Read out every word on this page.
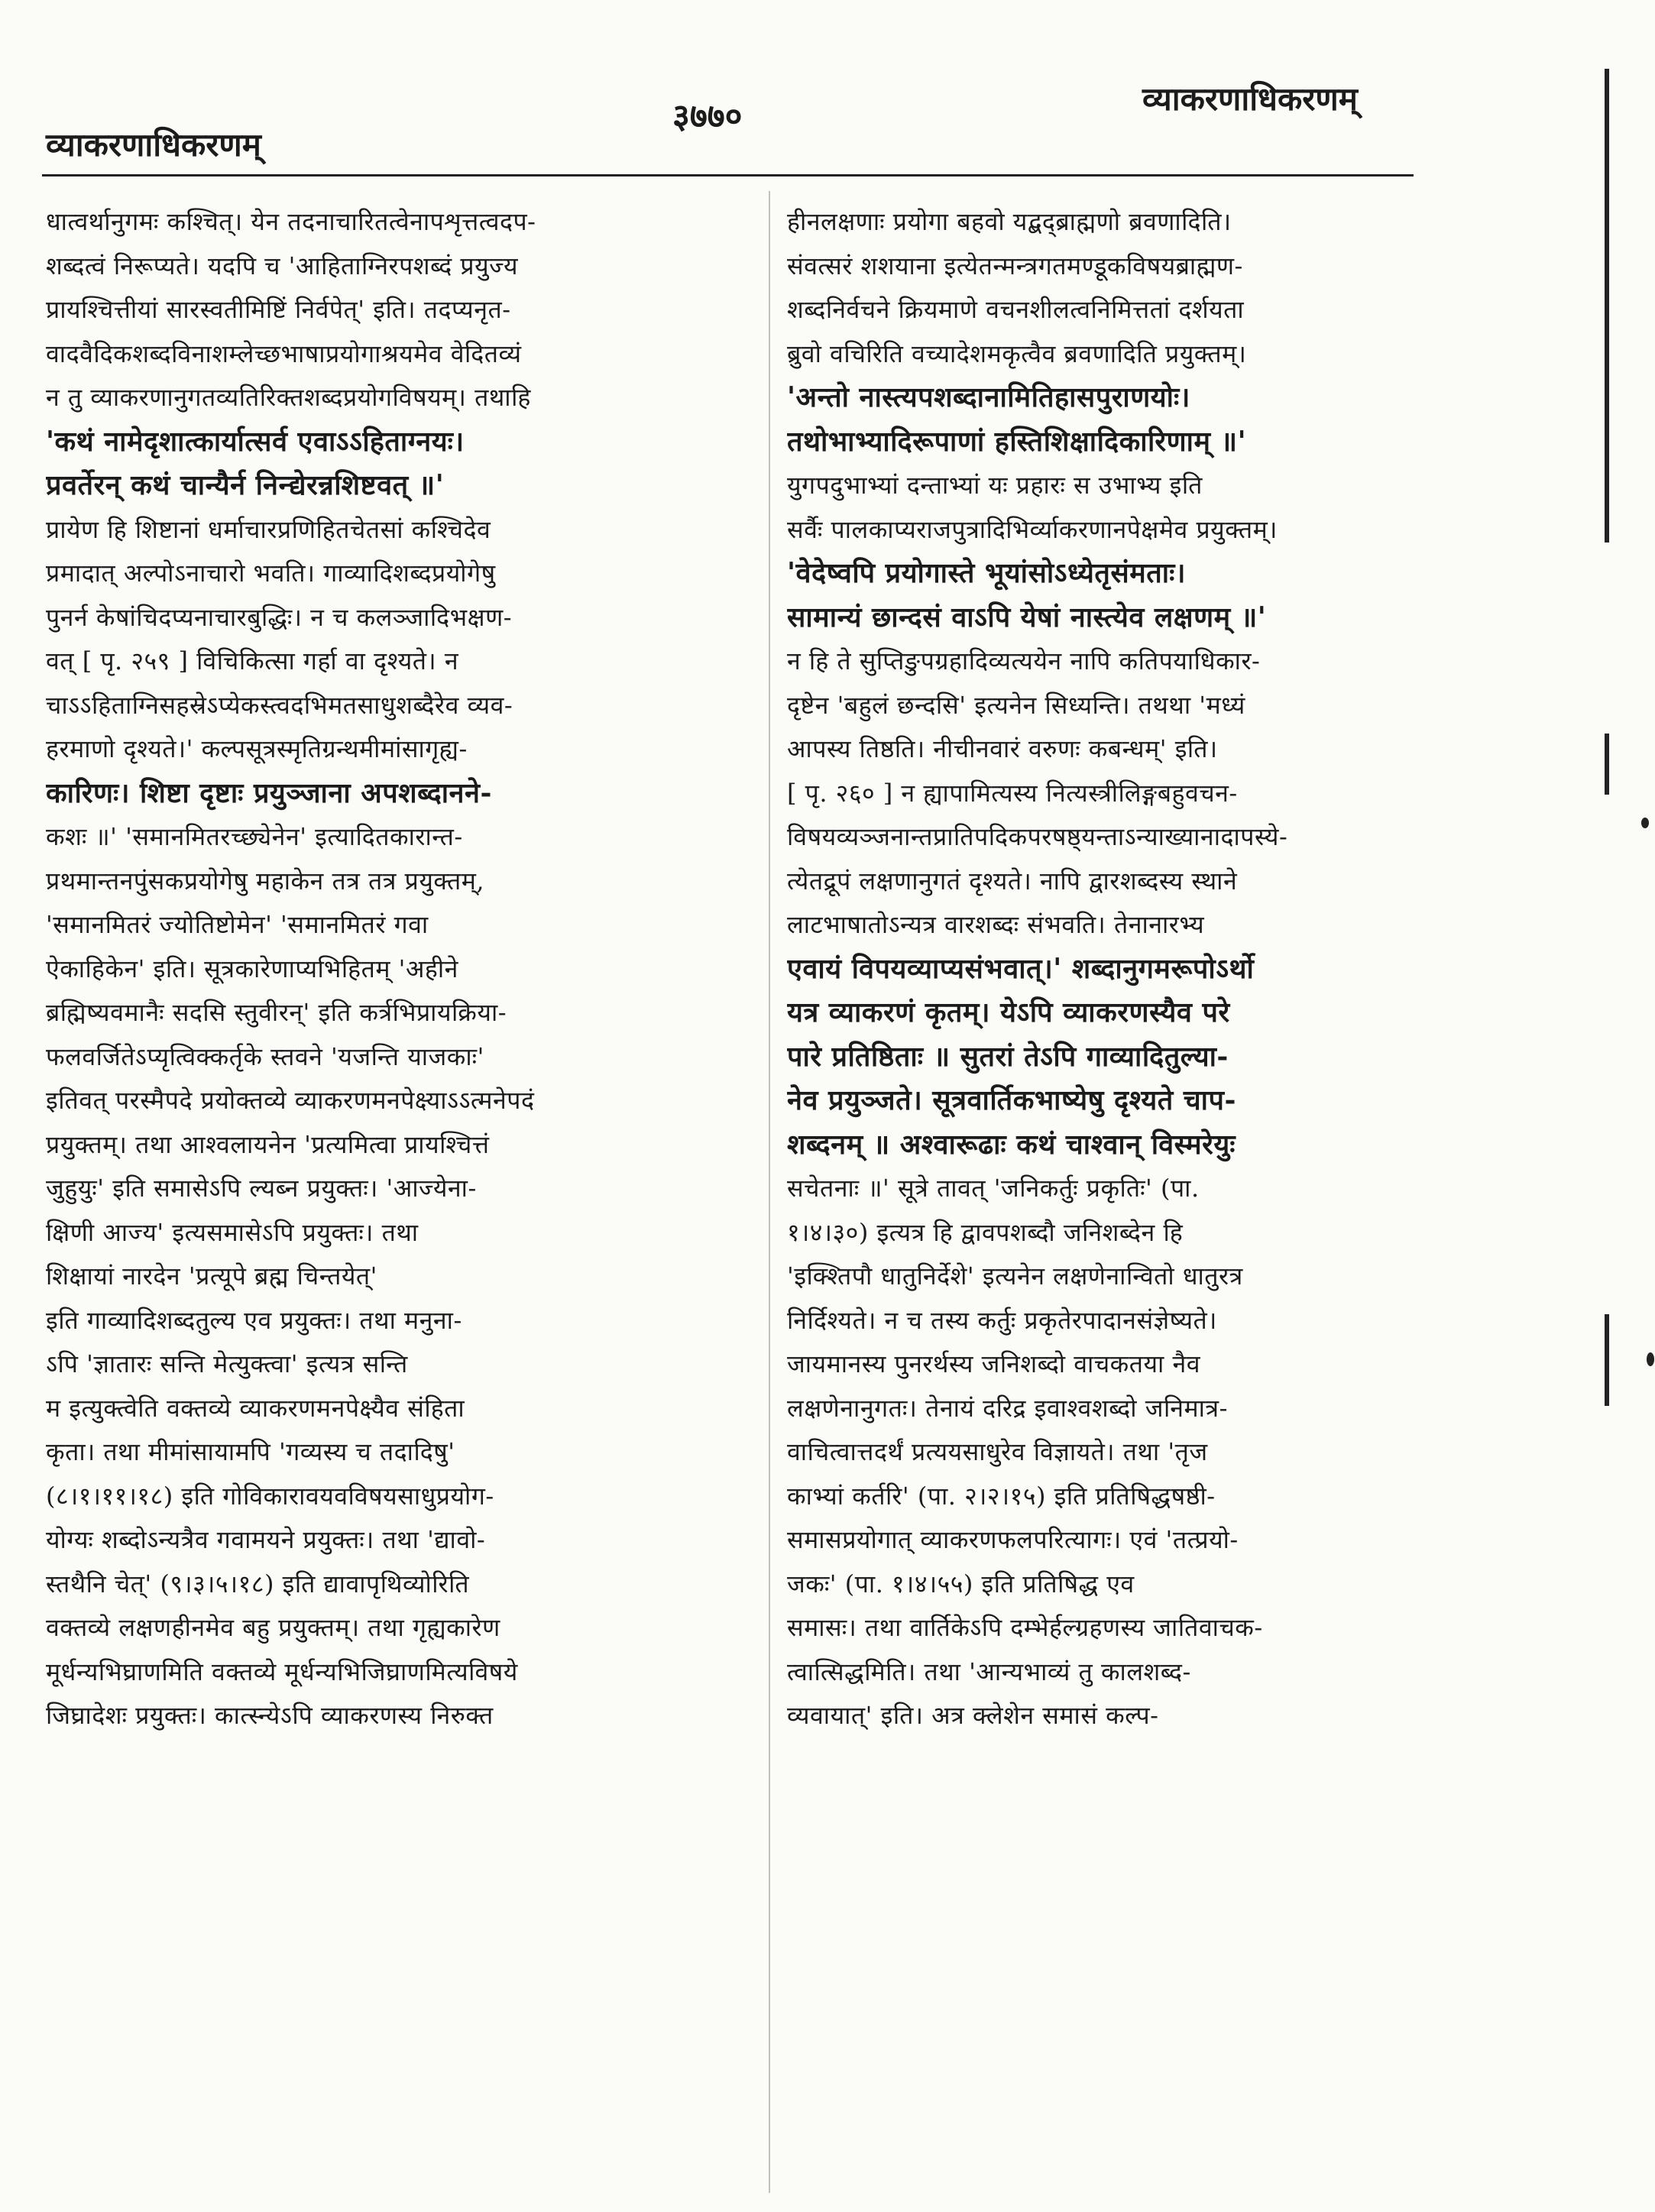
व्याकरणाधिकरणम्
३७७०	व्याकरणाधिकरणम्
धात्वर्थानुगमः कश्चित्। येन तदनाचारितत्वेनापशृत्तत्वदप-
शब्दत्वं निरूप्यते। यदपि च 'आहिताग्निरपशब्दं प्रयुज्य
प्रायश्चित्तीयां सारस्वतीमिष्टिं निर्वपेत्' इति। तदप्यनृत-
वादवैदिकशब्दविनाशम्लेच्छभाषाप्रयोगाश्रयमेव वेदितव्यं
न तु व्याकरणानुगतव्यतिरिक्तशब्दप्रयोगविषयम्। तथाहि
'कथं नामेदृशात्कार्यात्सर्व एवाऽऽहिताग्नयः।
प्रवर्तेरन् कथं चान्यैर्न निन्द्येरन्नशिष्टवत् ॥'
प्रायेण हि शिष्टानां धर्माचारप्रणिहितचेतसां कश्चिदेव
प्रमादात् अल्पोऽनाचारो भवति। गाव्यादिशब्दप्रयोगेषु
पुनर्न केषांचिदप्यनाचारबुद्धिः। न च कलञ्जादिभक्षण-
वत् [ पृ. २५९ ] विचिकित्सा गर्हा वा दृश्यते। न
चाऽऽहिताग्निसहस्रेऽप्येकस्त्वदभिमतसाधुशब्दैरेव व्यव-
हरमाणो दृश्यते।' कल्पसूत्रस्मृतिग्रन्थमीमांसागृह्य-
कारिणः। शिष्टा दृष्टाः प्रयुञ्जाना अपशब्दानने-
कशः ॥' 'समानमितरच्छ्येनेन' इत्यादितकारान्त-
प्रथमान्तनपुंसकप्रयोगेषु महाकेन तत्र तत्र प्रयुक्तम्,
'समानमितरं ज्योतिष्टोमेन' 'समानमितरं गवा
ऐकाहिकेन' इति। सूत्रकारेणाप्यभिहितम् 'अहीने
ब्रह्मिष्यवमानैः सदसि स्तुवीरन्' इति कर्त्रभिप्रायक्रिया-
फलवर्जितेऽप्यृत्विक्कर्तृके स्तवने 'यजन्ति याजकाः'
इतिवत् परस्मैपदे प्रयोक्तव्ये व्याकरणमनपेक्ष्याऽऽत्मनेपदं
प्रयुक्तम्। तथा आश्वलायनेन 'प्रत्यमित्वा प्रायश्चित्तं
जुहुयुः' इति समासेऽपि ल्यब्न प्रयुक्तः। 'आज्येना-
क्षिणी आज्य' इत्यसमासेऽपि प्रयुक्तः। तथा
शिक्षायां नारदेन 'प्रत्यूपे ब्रह्म चिन्तयेत्'
इति गाव्यादिशब्दतुल्य एव प्रयुक्तः। तथा मनुना-
ऽपि 'ज्ञातारः सन्ति मेत्युक्त्वा' इत्यत्र सन्ति
म इत्युक्त्वेति वक्तव्ये व्याकरणमनपेक्ष्यैव संहिता
कृता। तथा मीमांसायामपि 'गव्यस्य च तदादिषु'
(८।१।११।१८) इति गोविकारावयवविषयसाधुप्रयोग-
योग्यः शब्दोऽन्यत्रैव गवामयने प्रयुक्तः। तथा 'द्यावो-
स्तथैनि चेत्' (९।३।५।१८) इति द्यावापृथिव्योरिति
वक्तव्ये लक्षणहीनमेव बहु प्रयुक्तम्। तथा गृह्यकारेण
मूर्धन्यभिघ्राणमिति वक्तव्ये मूर्धन्यभिजिघ्राणमित्यविषये
जिघ्रादेशः प्रयुक्तः। कात्स्न्येऽपि व्याकरणस्य निरुक्त
हीनलक्षणाः प्रयोगा बहवो यद्बद्ब्राह्मणो ब्रवणादिति।
संवत्सरं शशयाना इत्येतन्मन्त्रगतमण्डूकविषयब्राह्मण-
शब्दनिर्वचने क्रियमाणे वचनशीलत्वनिमित्ततां दर्शयता
ब्रुवो वचिरिति वच्यादेशमकृत्वैव ब्रवणादिति प्रयुक्तम्।
'अन्तो नास्त्यपशब्दानामितिहासपुराणयोः।
तथोभाभ्यादिरूपाणां हस्तिशिक्षादिकारिणाम् ॥'
युगपदुभाभ्यां दन्ताभ्यां यः प्रहारः स उभाभ्य इति
सर्वैः पालकाप्यराजपुत्रादिभिर्व्याकरणानपेक्षमेव प्रयुक्तम्।
'वेदेष्वपि प्रयोगास्ते भूयांसोऽध्येतृसंमताः।
सामान्यं छान्दसं वाऽपि येषां नास्त्येव लक्षणम् ॥'
न हि ते सुप्तिङुपग्रहादिव्यत्ययेन नापि कतिपयाधिकार-
दृष्टेन 'बहुलं छन्दसि' इत्यनेन सिध्यन्ति। तथथा 'मध्यं
आपस्य तिष्ठति। नीचीनवारं वरुणः कबन्धम्' इति।
[ पृ. २६० ] न ह्यापामित्यस्य नित्यस्त्रीलिङ्गबहुवचन-
विषयव्यञ्जनान्तप्रातिपदिकपरषष्ठ्यन्ताऽन्याख्यानादापस्ये-
त्येतद्रूपं लक्षणानुगतं दृश्यते। नापि द्वारशब्दस्य स्थाने
लाटभाषातोऽन्यत्र वारशब्दः संभवति। तेनानारभ्य
एवायं विपयव्याप्यसंभवात्।' शब्दानुगमरूपोऽर्थो
यत्र व्याकरणं कृतम्। येऽपि व्याकरणस्यैव परे
पारे प्रतिष्ठिताः ॥ सुतरां तेऽपि गाव्यादितुल्या-
नेव प्रयुञ्जते। सूत्रवार्तिकभाष्येषु दृश्यते चाप-
शब्दनम् ॥ अश्वारूढाः कथं चाश्वान् विस्मरेयुः
सचेतनाः ॥' सूत्रे तावत् 'जनिकर्तुः प्रकृतिः' (पा.
१।४।३०) इत्यत्र हि द्वावपशब्दौ जनिशब्देन हि
'इक्श्तिपौ धातुनिर्देशे' इत्यनेन लक्षणेनान्वितो धातुरत्र
निर्दिश्यते। न च तस्य कर्तुः प्रकृतेरपादानसंज्ञेष्यते।
जायमानस्य पुनरर्थस्य जनिशब्दो वाचकतया नैव
लक्षणेनानुगतः। तेनायं दरिद्र इवाश्वशब्दो जनिमात्र-
वाचित्वात्तदर्थं प्रत्ययसाधुरेव विज्ञायते। तथा 'तृज
काभ्यां कर्तरि' (पा. २।२।१५) इति प्रतिषिद्धषष्ठी-
समासप्रयोगात् व्याकरणफलपरित्यागः। एवं 'तत्प्रयो-
जकः' (पा. १।४।५५) इति प्रतिषिद्ध एव
समासः। तथा वार्तिकेऽपि दम्भेर्हल्ग्रहणस्य जातिवाचक-
त्वात्सिद्धमिति। तथा 'आन्यभाव्यं तु कालशब्द-
व्यवायात्' इति। अत्र क्लेशेन समासं कल्प-
